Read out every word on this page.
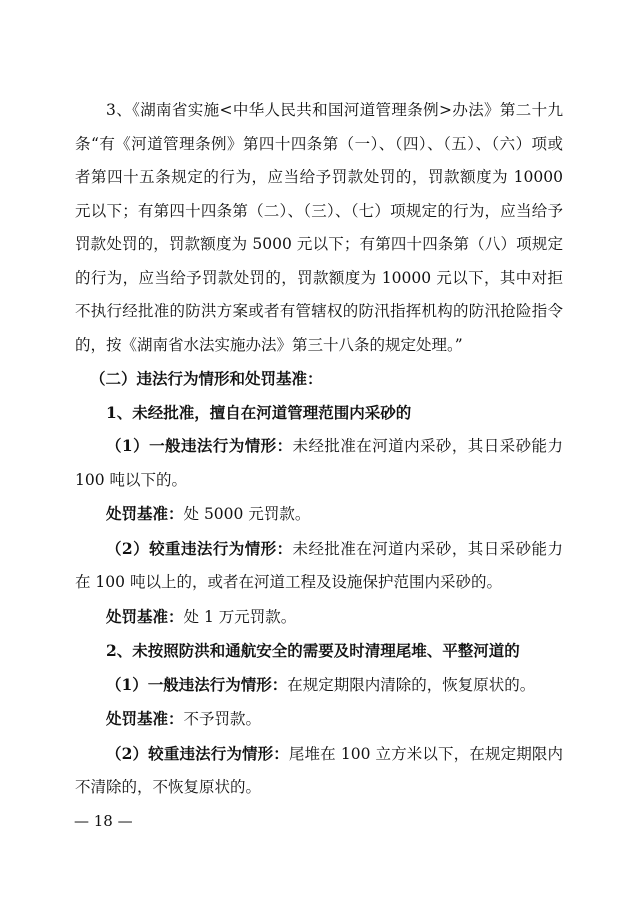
3、《湖南省实施<中华人民共和国河道管理条例>办法》第二十九条“有《河道管理条例》第四十四条第（一）、（四）、（五）、（六）项或者第四十五条规定的行为，应当给予罚款处罚的，罚款额度为 10000元以下；有第四十四条第（二）、（三）、（七）项规定的行为，应当给予罚款处罚的，罚款额度为 5000 元以下；有第四十四条第（八）项规定的行为，应当给予罚款处罚的，罚款额度为 10000 元以下，其中对拒不执行经批准的防洪方案或者有管辖权的防汛指挥机构的防汛抢险指令的，按《湖南省水法实施办法》第三十八条的规定处理。”

（二）违法行为情形和处罚基准：

1、未经批准，擅自在河道管理范围内采砂的

（1）一般违法行为情形：未经批准在河道内采砂，其日采砂能力 100 吨以下的。

处罚基准：处 5000 元罚款。

（2）较重违法行为情形：未经批准在河道内采砂，其日采砂能力在 100 吨以上的，或者在河道工程及设施保护范围内采砂的。

处罚基准：处 1 万元罚款。

2、未按照防洪和通航安全的需要及时清理尾堆、平整河道的

（1）一般违法行为情形：在规定期限内清除的，恢复原状的。

处罚基准：不予罚款。

（2）较重违法行为情形：尾堆在 100 立方米以下，在规定期限内不清除的，不恢复原状的。

— 18 —
